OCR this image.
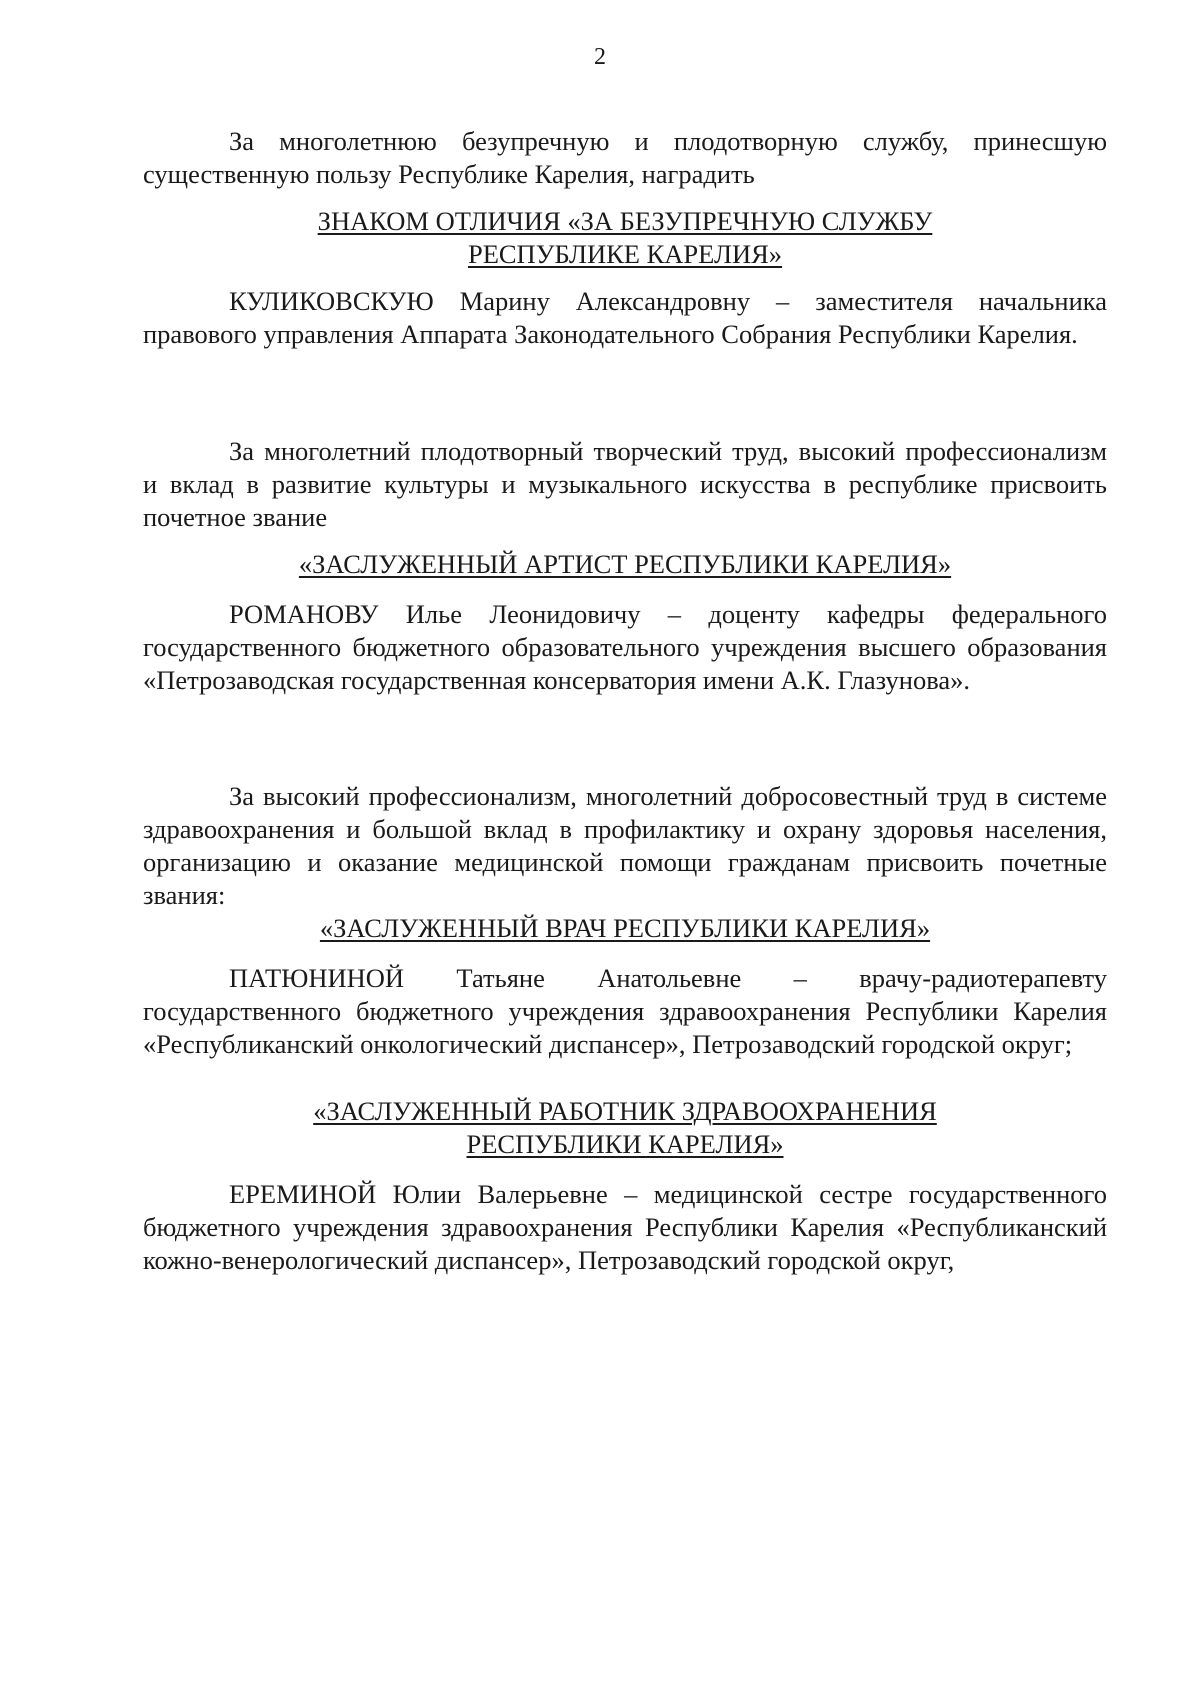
2

За многолетнюю безупречную и плодотворную службу, принесшую существенную пользу Республике Карелия, наградить

ЗНАКОМ ОТЛИЧИЯ «ЗА БЕЗУПРЕЧНУЮ СЛУЖБУ
РЕСПУБЛИКЕ КАРЕЛИЯ»

КУЛИКОВСКУЮ Марину Александровну – заместителя начальника правового управления Аппарата Законодательного Собрания Республики Карелия.

За многолетний плодотворный творческий труд, высокий профессионализм и вклад в развитие культуры и музыкального искусства в республике присвоить почетное звание

«ЗАСЛУЖЕННЫЙ АРТИСТ РЕСПУБЛИКИ КАРЕЛИЯ»

РОМАНОВУ Илье Леонидовичу – доценту кафедры федерального государственного бюджетного образовательного учреждения высшего образования «Петрозаводская государственная консерватория имени А.К. Глазунова».

За высокий профессионализм, многолетний добросовестный труд в системе здравоохранения и большой вклад в профилактику и охрану здоровья населения, организацию и оказание медицинской помощи гражданам присвоить почетные звания:

«ЗАСЛУЖЕННЫЙ ВРАЧ РЕСПУБЛИКИ КАРЕЛИЯ»

ПАТЮНИНОЙ Татьяне Анатольевне – врачу-радиотерапевту государственного бюджетного учреждения здравоохранения Республики Карелия «Республиканский онкологический диспансер», Петрозаводский городской округ;

«ЗАСЛУЖЕННЫЙ РАБОТНИК ЗДРАВООХРАНЕНИЯ
РЕСПУБЛИКИ КАРЕЛИЯ»

ЕРЕМИНОЙ Юлии Валерьевне – медицинской сестре государственного бюджетного учреждения здравоохранения Республики Карелия «Республиканский кожно-венерологический диспансер», Петрозаводский городской округ,
